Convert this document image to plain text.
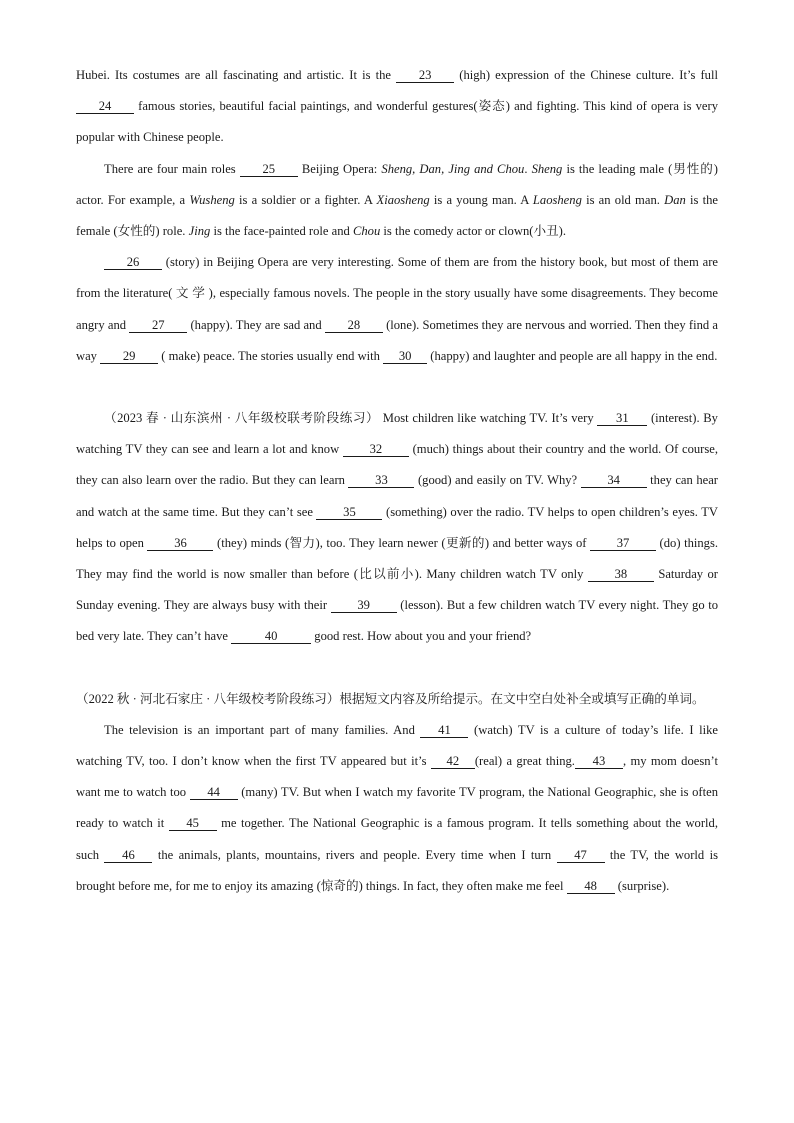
Hubei. Its costumes are all fascinating and artistic. It is the 23 (high) expression of the Chinese culture. It’s full 24 famous stories, beautiful facial paintings, and wonderful gestures(姿态) and fighting. This kind of opera is very popular with Chinese people.

There are four main roles 25 Beijing Opera: Sheng, Dan, Jing and Chou. Sheng is the leading male (男性的) actor. For example, a Wusheng is a soldier or a fighter. A Xiaosheng is a young man. A Laosheng is an old man. Dan is the female (女性的) role. Jing is the face-painted role and Chou is the comedy actor or clown(小丑).

26 (story) in Beijing Opera are very interesting. Some of them are from the history book, but most of them are from the literature( 文 学 ), especially famous novels. The people in the story usually have some disagreements. They become angry and 27 (happy). They are sad and 28 (lone). Sometimes they are nervous and worried. Then they find a way 29 ( make) peace. The stories usually end with 30 (happy) and laughter and people are all happy in the end.

（2023 春 · 山东滨州 · 八年级校联考阶段练习） Most children like watching TV. It’s very 31 (interest). By watching TV they can see and learn a lot and know 32 (much) things about their country and the world. Of course, they can also learn over the radio. But they can learn 33 (good) and easily on TV. Why? 34 they can hear and watch at the same time. But they can’t see 35 (something) over the radio. TV helps to open children’s eyes. TV helps to open 36 (they) minds (智力), too. They learn newer (更新的) and better ways of 37 (do) things. They may find the world is now smaller than before (比以前小). Many children watch TV only 38 Saturday or Sunday evening. They are always busy with their 39 (lesson). But a few children watch TV every night. They go to bed very late. They can’t have	40	good rest. How about you and your friend?

（2022 秋 · 河北石家庄 · 八年级校考阶段练习）根据短文内容及所给提示。在文中空白处补全或填写正确的单词。

The television is an important part of many families. And 41 (watch) TV is a culture of today’s life. I like watching TV, too. I don’t know when the first TV appeared but it’s 42 (real) a great thing. 43 , my mom doesn’t want me to watch too 44 (many) TV. But when I watch my favorite TV program, the National Geographic, she is often ready to watch it 45 me together. The National Geographic is a famous program. It tells something about the world, such 46 the animals, plants, mountains, rivers and people. Every time when I turn 47 the TV, the world is brought before me, for me to enjoy its amazing (惊奇的) things. In fact, they often make me feel 48 (surprise).
